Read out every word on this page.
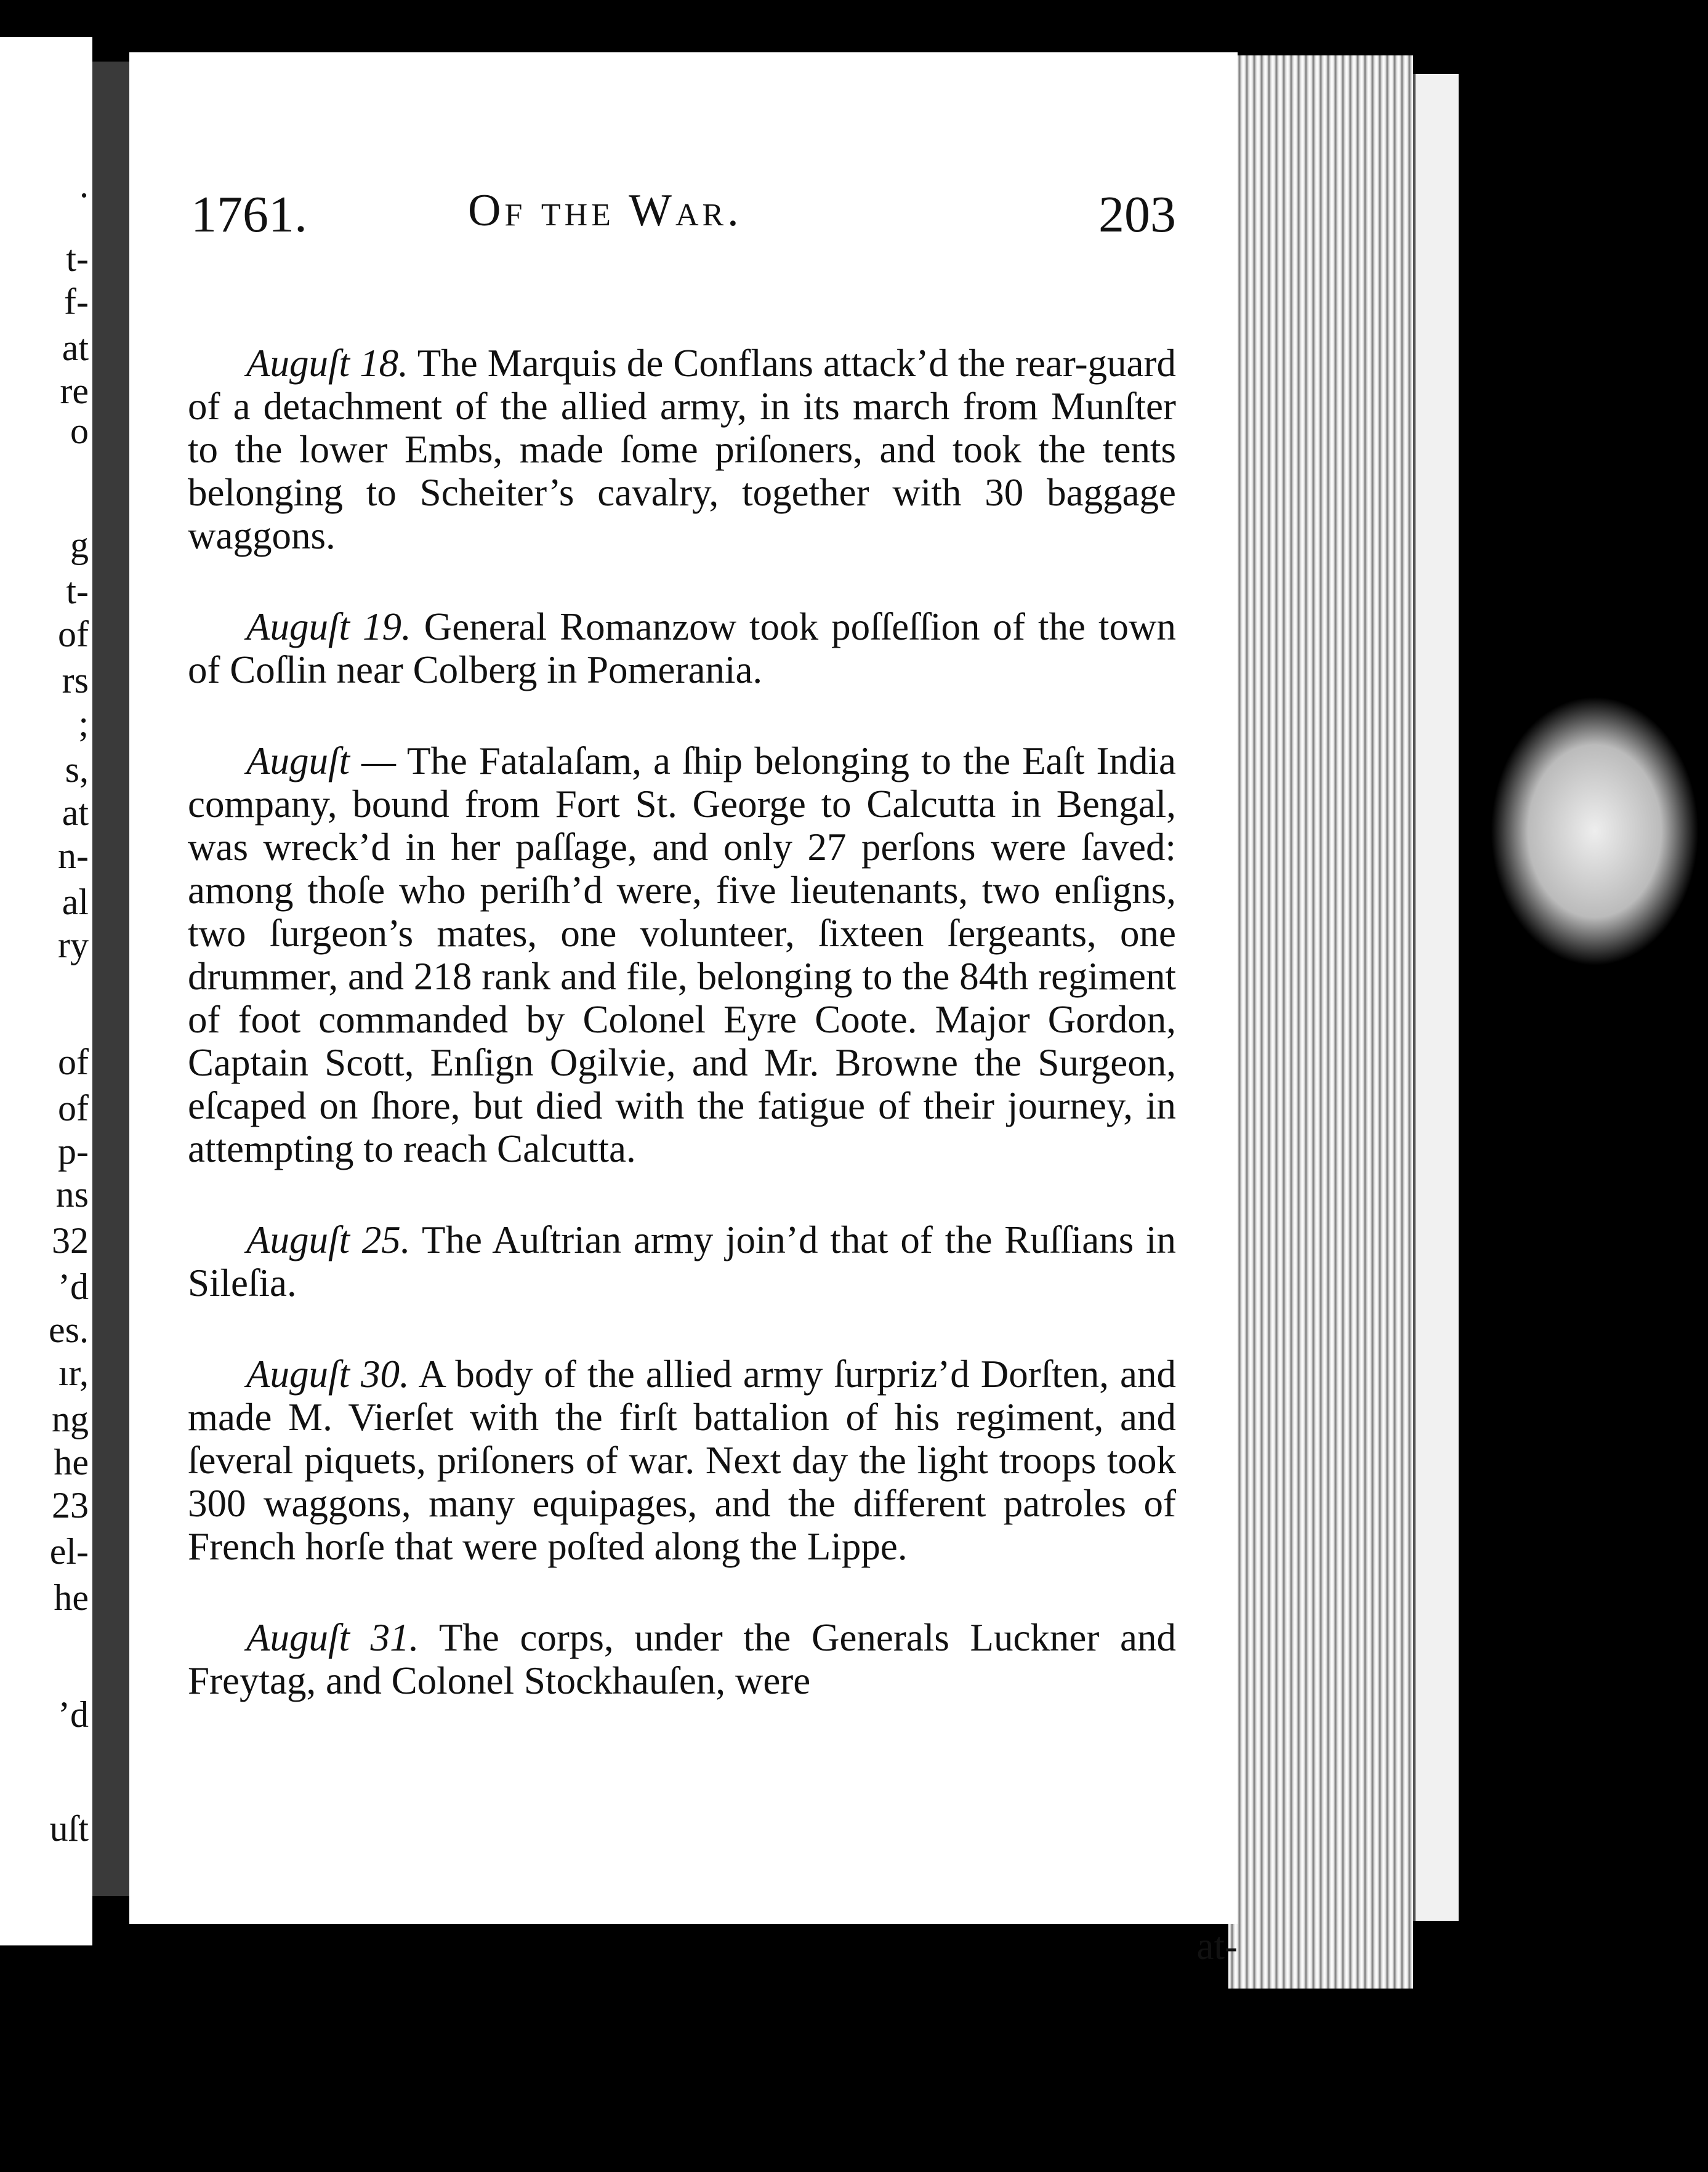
.
t-
f-
at
re
o
g
t-
of
rs
;
s,
at
n-
al
ry
of
of
p-
ns
32
’d
es.
ır,
ng
he
23
el-
he
’d
uſt
1761.	Of the War.	203

Auguſt 18. The Marquis de Conflans attack’d the rear-guard of a detachment of the allied army, in its march from Munſter to the lower Embs, made ſome priſoners, and took the tents belonging to Scheiter’s cavalry, together with 30 baggage waggons.

Auguſt 19. General Romanzow took poſſeſſion of the town of Coſlin near Colberg in Pomerania.

Auguſt — The Fatalaſam, a ſhip belonging to the Eaſt India company, bound from Fort St. George to Calcutta in Bengal, was wreck’d in her paſſage, and only 27 perſons were ſaved: among thoſe who periſh’d were, five lieutenants, two enſigns, two ſurgeon’s mates, one volunteer, ſixteen ſergeants, one drummer, and 218 rank and file, belonging to the 84th regiment of foot commanded by Colonel Eyre Coote. Major Gordon, Captain Scott, Enſign Ogilvie, and Mr. Browne the Surgeon, eſcaped on ſhore, but died with the fatigue of their journey, in attempting to reach Calcutta.

Auguſt 25. The Auſtrian army join’d that of the Ruſſians in Sileſia.

Auguſt 30. A body of the allied army ſurpriz’d Dorſten, and made M. Vierſet with the firſt battalion of his regiment, and ſeveral piquets, priſoners of war. Next day the light troops took 300 waggons, many equipages, and the different patroles of French horſe that were poſted along the Lippe.

Auguſt 31. The corps, under the Generals Luckner and Freytag, and Colonel Stockhauſen, were

at-
